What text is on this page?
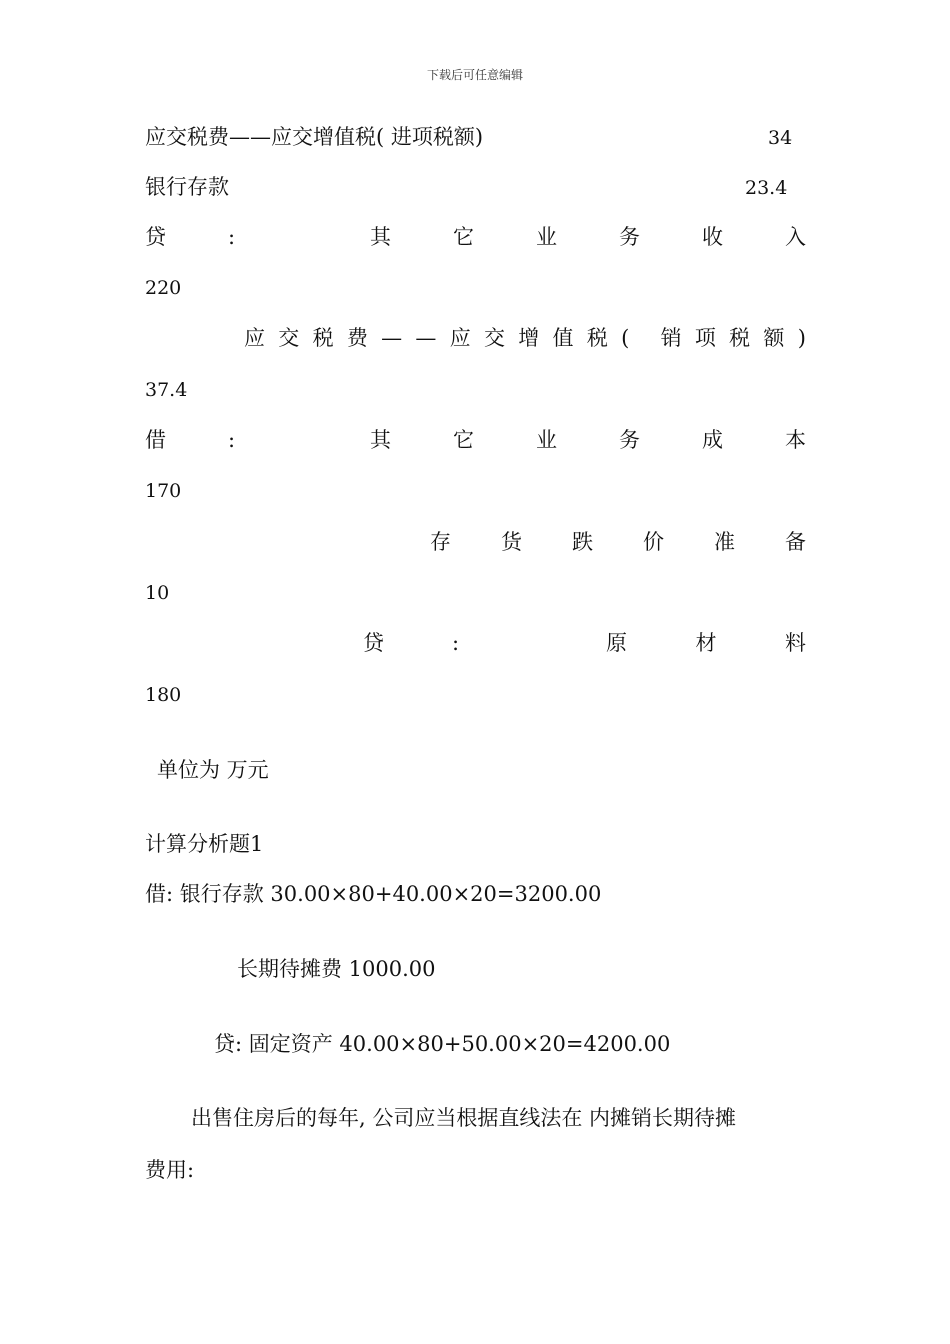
下载后可任意编辑
应交税费——应交增值税( 进项税额)	34
银行存款	23.4
贷	:	其	它	业	务	收	入
220
应 交 税 费 — — 应 交 增 值 税 ( 销 项 税 额 )
37.4
借	:	其	它	业	务	成	本
170
存 货 跌 价 准 备
10
贷	:	原	材	料
180
单位为 万元
计算分析题1
借: 银行存款 30.00×80+40.00×20=3200.00
长期待摊费 1000.00
贷: 固定资产 40.00×80+50.00×20=4200.00
出售住房后的每年, 公司应当根据直线法在 内摊销长期待摊
费用:
